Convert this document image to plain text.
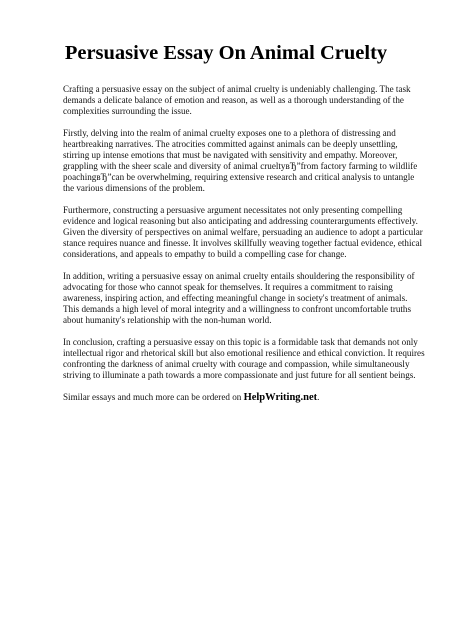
Persuasive Essay On Animal Cruelty

Crafting a persuasive essay on the subject of animal cruelty is undeniably challenging. The task demands a delicate balance of emotion and reason, as well as a thorough understanding of the complexities surrounding the issue.

Firstly, delving into the realm of animal cruelty exposes one to a plethora of distressing and heartbreaking narratives. The atrocities committed against animals can be deeply unsettling, stirring up intense emotions that must be navigated with sensitivity and empathy. Moreover, grappling with the sheer scale and diversity of animal crueltyвЂ”from factory farming to wildlife poachingвЂ”can be overwhelming, requiring extensive research and critical analysis to untangle the various dimensions of the problem.

Furthermore, constructing a persuasive argument necessitates not only presenting compelling evidence and logical reasoning but also anticipating and addressing counterarguments effectively. Given the diversity of perspectives on animal welfare, persuading an audience to adopt a particular stance requires nuance and finesse. It involves skillfully weaving together factual evidence, ethical considerations, and appeals to empathy to build a compelling case for change.

In addition, writing a persuasive essay on animal cruelty entails shouldering the responsibility of advocating for those who cannot speak for themselves. It requires a commitment to raising awareness, inspiring action, and effecting meaningful change in society's treatment of animals. This demands a high level of moral integrity and a willingness to confront uncomfortable truths about humanity's relationship with the non-human world.

In conclusion, crafting a persuasive essay on this topic is a formidable task that demands not only intellectual rigor and rhetorical skill but also emotional resilience and ethical conviction. It requires confronting the darkness of animal cruelty with courage and compassion, while simultaneously striving to illuminate a path towards a more compassionate and just future for all sentient beings.

Similar essays and much more can be ordered on HelpWriting.net.
